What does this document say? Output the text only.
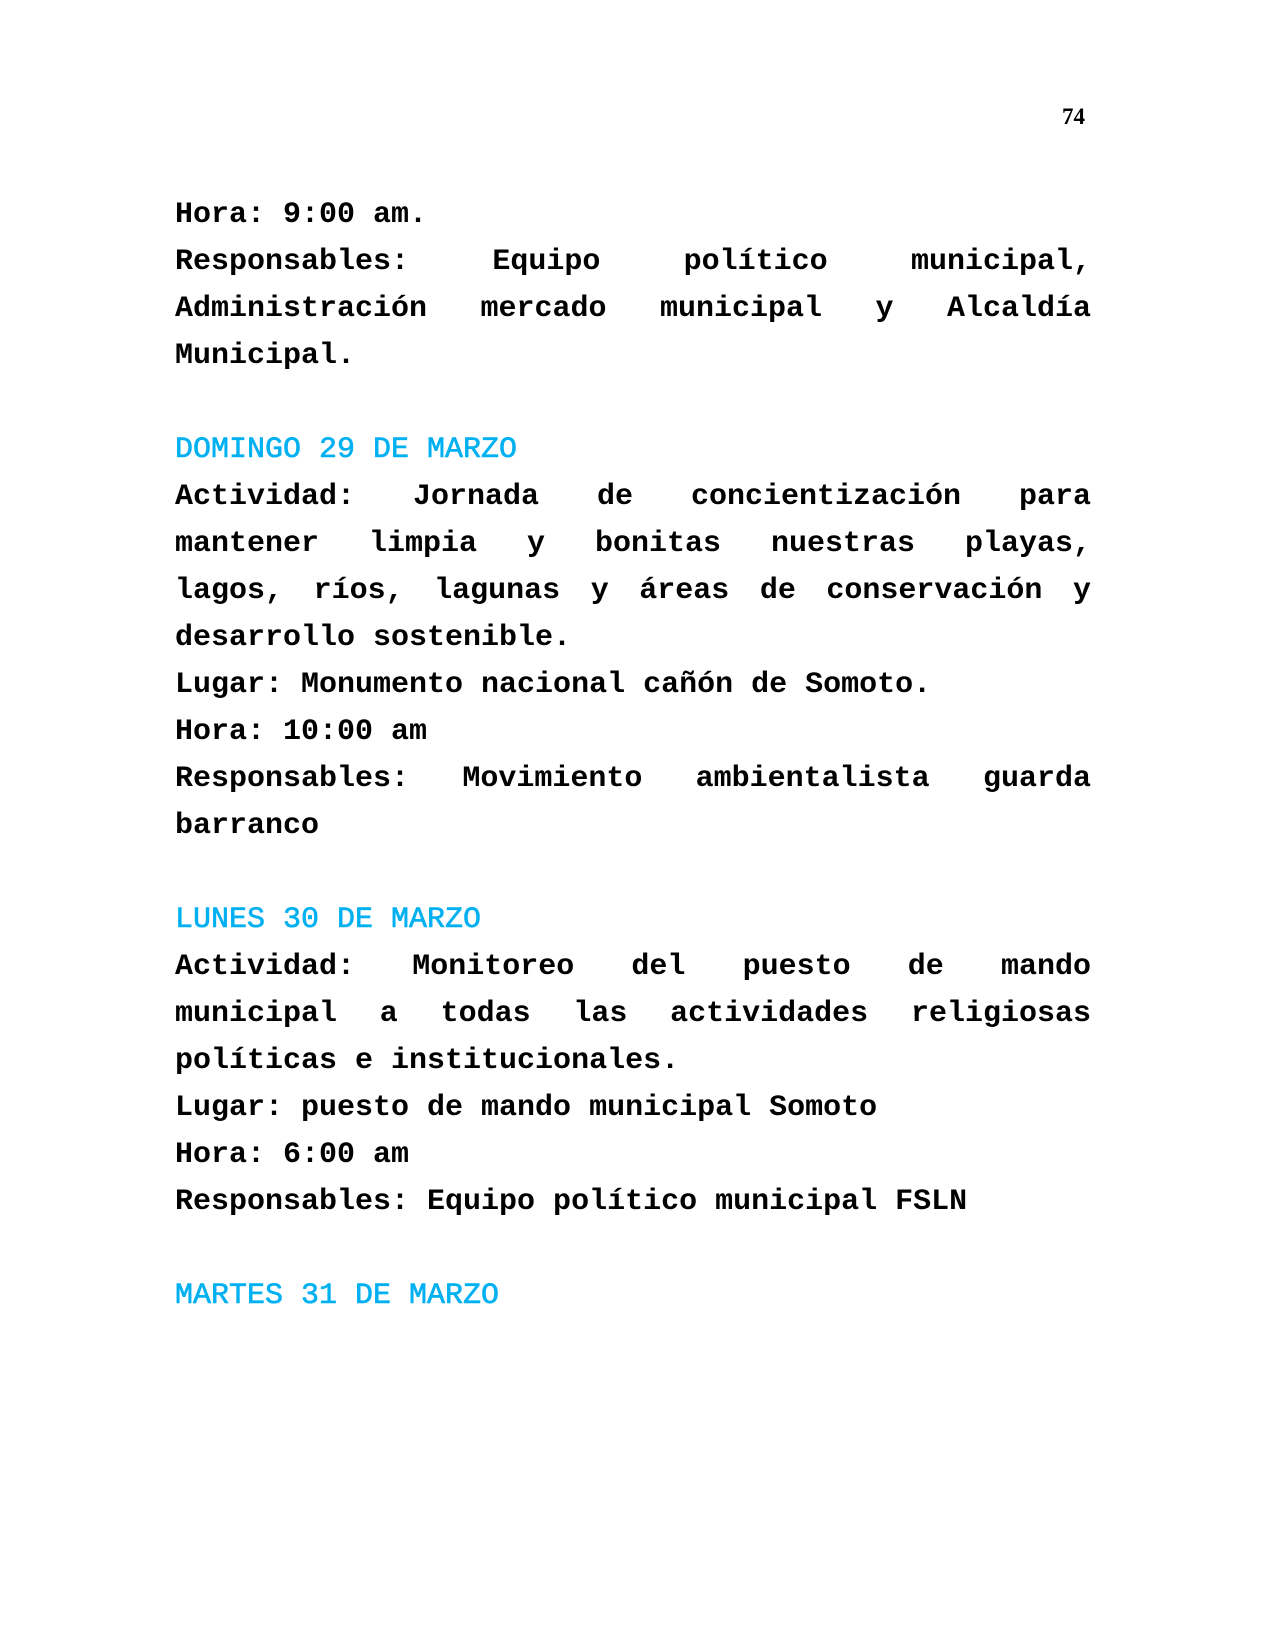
74
Hora: 9:00 am.
Responsables: Equipo político municipal,
Administración mercado municipal y Alcaldía
Municipal.
DOMINGO 29 DE MARZO
Actividad: Jornada de concientización para
mantener limpia y bonitas nuestras playas,
lagos, ríos, lagunas y áreas de conservación y
desarrollo sostenible.
Lugar: Monumento nacional cañón de Somoto.
Hora: 10:00 am
Responsables: Movimiento ambientalista guarda
barranco
LUNES 30 DE MARZO
Actividad: Monitoreo del puesto de mando
municipal a todas las actividades religiosas
políticas e institucionales.
Lugar: puesto de mando municipal Somoto
Hora: 6:00 am
Responsables: Equipo político municipal FSLN
MARTES 31 DE MARZO
